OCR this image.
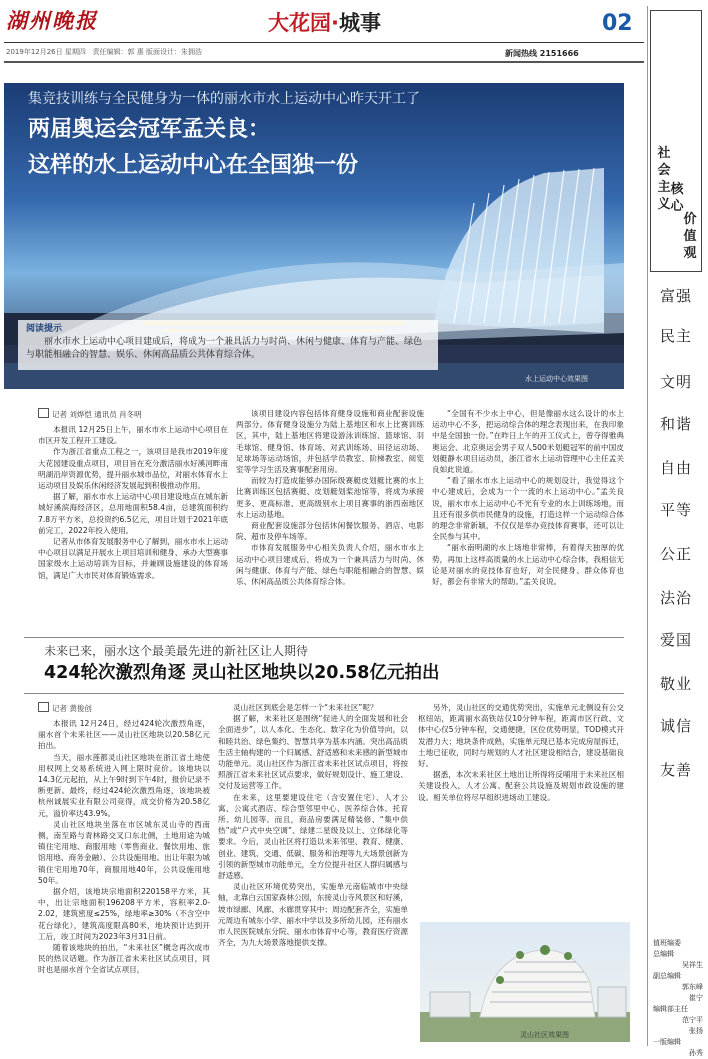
湖州晚报	大花园·城事	02
2019年12月26日 星期四 责任编辑：郭 惠 版面设计：朱拥浩	新闻热线 2151666
集竞技训练与全民健身为一体的丽水市水上运动中心昨天开工了
两届奥运会冠军孟关良：
这样的水上运动中心在全国独一份
阅读提示
丽水市水上运动中心项目建成后，将成为一个兼具活力与时尚、休闲与健康、体育与产能、绿色与职能相融合的智慧、娱乐、休闲高品质公共体育综合体。
水上运动中心效果图

记者 刘烨恺 通讯员 肖冬明

本报讯 12月25日上午，丽水市水上运动中心项目在市区开发工程开工建设。

作为浙江省重点工程之一，该项目是我市2019年度大花园建设重点项目，项目旨在充分激活丽水好溪河畔南明湖沿岸资源优势，提升丽水城市品位，对丽水体育水上运动项目及娱乐休闲经济发展起到积极推动作用。

据了解，丽水市水上运动中心项目建设地点在城东新城好溪滨海经济区，总用地面积58.4亩，总建筑面积约7.8万平方米，总投资约6.5亿元，项目计划于2021年底前完工，2022年投入使用。

记者从市体育发展服务中心了解到，丽水市水上运动中心项目以满足开展水上项目培训和健身、承办大型赛事国家级水上运动培训为目标，并兼顾设施建设的体育场馆，满足广大市民对体育锻炼需求。

该项目建设内容包括体育健身设施和商业配套设施两部分。体育健身设施分为陆上基地区和水上比赛训练区，其中，陆上基地区将建设游泳训练馆、篮球馆、羽毛球馆、健身馆、体育场、对武训练场、田径运动场、足球场等运动场馆，并包括学员教室、阶梯教室、阅览室等学习生活及赛事配套用房。

而较为打造成能够办国际级赛艇皮划艇比赛的水上比赛训练区包括赛艇、皮划艇划桨池馆等，将成为承接更多、更高标准、更高级别水上项目赛事的浙西南地区水上运动基地。

商业配套设施部分包括休闲餐饮服务、酒店、电影院、超市及停车场等。

市体育发展服务中心相关负责人介绍，丽水市水上运动中心项目建成后，将成为一个兼具活力与时尚、休闲与健康、体育与产能、绿色与职能相融合的智慧、娱乐、休闲高品质公共体育综合体。

“全国有不少水上中心，但是像丽水这么设计的水上运动中心不多，把运动综合体的理念表现出来，在我印象中是全国独一份。”在昨日上午的开工仪式上，曾夺得雅典奥运会、北京奥运会男子双人500米划艇冠军的前中国皮划艇静水项目运动员，浙江省水上运动管理中心主任孟关良如此说道。

“看了丽水市水上运动中心的规划设计，我觉得这个中心建成后，会成为一个一流的水上运动中心。”孟关良说，丽水市水上运动中心不光有专业的水上训练场地，而且还有很多供市民健身的设施，打造这样一个运动综合体的理念非常新颖，不仅仅是举办竞技体育赛事，还可以让全民参与其中。

“丽水南明湖的水上场地非常棒，有着得天独厚的优势，再加上这样高质量的水上运动中心综合体，我相信无论是对丽水的竞技体育也好，对全民健身、群众体育也好，都会有非常大的帮助。”孟关良说。

未来已来，丽水这个最美最先进的新社区让人期待
424轮次激烈角逐 灵山社区地块以20.58亿元拍出

记者 黄俊创

本报讯 12月24日，经过424轮次激烈角逐，丽水首个未来社区——灵山社区地块以20.58亿元拍出。

当天，丽水莲都灵山社区地块在浙江省土地使用权网上交易系统进入网上限时竞价。该地块以14.3亿元起拍，从上午9时到下午4时，报价记录不断更新。最终，经过424轮次激烈角逐，该地块被杭州诚展实业有限公司竞得，成交价格为20.58亿元，溢价率达43.9%。

灵山社区地块坐落在市区城东灵山寺的西南侧，南至路与青林路交叉口东北侧，土地用途为城镇住宅用地、商服用地（零售商业、餐饮用地、旅馆用地、商务金融）、公共设施用地。出让年限为城镇住宅用地70年，商服用地40年，公共设施用地50年。

据介绍，该地块宗地面积220158平方米，其中，出让宗地面积196208平方米，容积率2.0-2.02，建筑密度≤25%，绿地率≥30%（不含空中花台绿化），建筑高度限高80米，地块预计达到开工后，竣工时间为2023年3月31日前。

随着该地块的拍出，“未来社区”概念再次成市民的热议话题。作为浙江省未来社区试点项目，同时也是丽水首个全省试点项目，

灵山社区到底会是怎样一个“未来社区”呢？

据了解，未来社区是围绕“促进人的全面发展和社会全面进步”，以人本化、生态化、数字化为价值导向，以和睦共治、绿色集约、智慧共享为基本内涵。突出高品质生活主轴构建的一个归属感、舒适感和未来感的新型城市功能单元。灵山社区作为浙江省未来社区试点项目，将按照浙江省未来社区试点要求，做好规划设计、施工建设、交付及运营等工作。

在未来，这里要建设住宅（含安置住宅）、人才公寓、公寓式酒店、综合型邻里中心、医养综合体、托育所、幼儿园等。而且，商品房要满足精装修、“集中供热”或“户式中央空调”、绿建二星级及以上、立体绿化等要求。今后，灵山社区将打造以未来邻里、教育、健康、创业、建筑、交通、低碳、服务和治理等九大场景创新为引领的新型城市功能单元，全方位提升社区人群归属感与舒适感。

灵山社区环境优势突出，实施单元南临城市中央绿轴，北靠白云国家森林公园，东接灵山寺风景区和好溪，坡市绿廊、风廊、水廊贯穿其中；周边配套齐全，实施单元周边有城东小学、丽水中学以及多所幼儿园，还有丽水市人民医院城东分院、丽水市体育中心等，教育医疗资源齐全，为九大场景落地提供支撑。

另外，灵山社区的交通优势突出，实施单元北侧设有公交枢纽站，距离丽水高铁站仅10分钟车程，距离市区行政、文体中心仅5分钟车程，交通便捷，区位优势明显，TOD模式开发潜力大；地块条件成熟，实施单元现已基本完成房屋拆迁，土地已征收，同时与规划的人才社区建设相结合，建设基础良好。

据悉，本次未来社区土地出让所得将反哺用于未来社区相关建设投入，人才公寓、配套公共设施及规划市政设施的建设。相关单位将尽早组织进场动工建设。

灵山社区效果图
社会主义
核心
价值观
富强
民主
文明
和谐
自由
平等
公正
法治
爱国
敬业
诚信
友善
值班编委
总编辑
吴祥生
副总编辑
郭东峰
崔宁
编辑部主任
范宁平
张扬
一版编辑
孙秀
